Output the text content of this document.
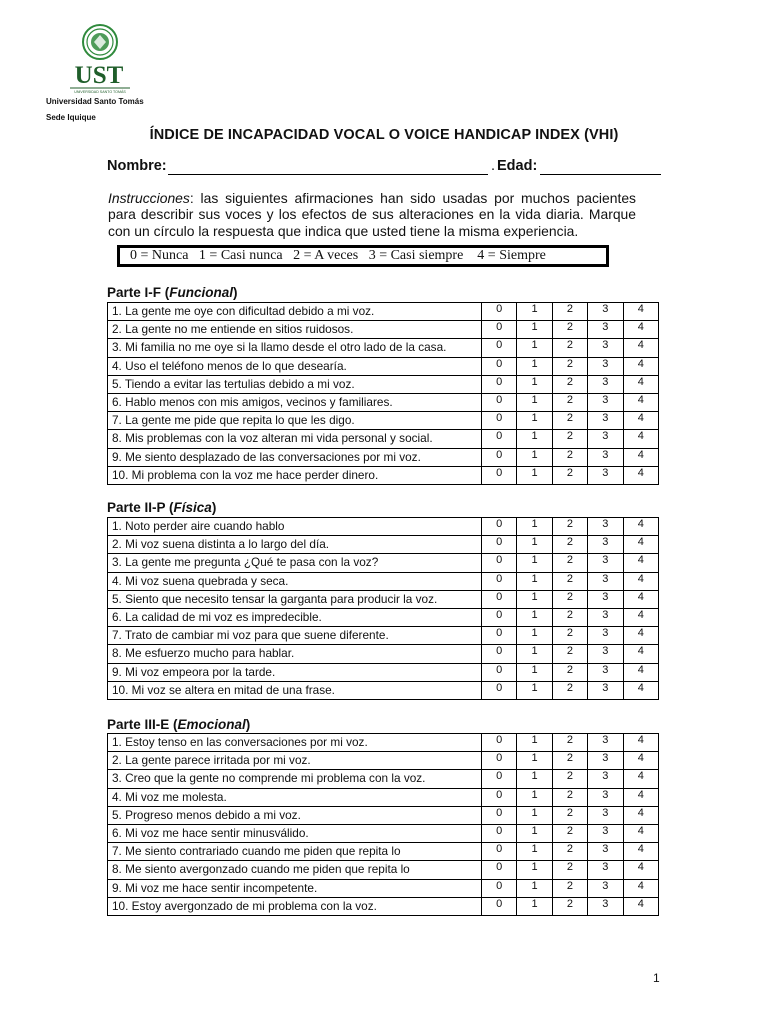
UST
UNIVERSIDAD SANTO TOMÁS
Universidad Santo Tomás
Sede Iquique
ÍNDICE DE INCAPACIDAD VOCAL O VOICE HANDICAP INDEX (VHI)
Nombre:	. Edad:
Instrucciones: las siguientes afirmaciones han sido usadas por muchos pacientes para describir sus voces y los efectos de sus alteraciones en la vida diaria. Marque con un círculo la respuesta que indica que usted tiene la misma experiencia.
0 = Nunca   1 = Casi nunca   2 = A veces   3 = Casi siempre    4 = Siempre
Parte I-F (Funcional)
1. La gente me oye con dificultad debido a mi voz.	0	1	2	3	4
2. La gente no me entiende en sitios ruidosos.	0	1	2	3	4
3. Mi familia no me oye si la llamo desde el otro lado de la casa.	0	1	2	3	4
4. Uso el teléfono menos de lo que desearía.	0	1	2	3	4
5. Tiendo a evitar las tertulias debido a mi voz.	0	1	2	3	4
6. Hablo menos con mis amigos, vecinos y familiares.	0	1	2	3	4
7. La gente me pide que repita lo que les digo.	0	1	2	3	4
8. Mis problemas con la voz alteran mi vida personal y social.	0	1	2	3	4
9. Me siento desplazado de las conversaciones por mi voz.	0	1	2	3	4
10. Mi problema con la voz me hace perder dinero.	0	1	2	3	4
Parte II-P (Física)
1. Noto perder aire cuando hablo	0	1	2	3	4
2. Mi voz suena distinta a lo largo del día.	0	1	2	3	4
3. La gente me pregunta ¿Qué te pasa con la voz?	0	1	2	3	4
4. Mi voz suena quebrada y seca.	0	1	2	3	4
5. Siento que necesito tensar la garganta para producir la voz.	0	1	2	3	4
6. La calidad de mi voz es impredecible.	0	1	2	3	4
7. Trato de cambiar mi voz para que suene diferente.	0	1	2	3	4
8. Me esfuerzo mucho para hablar.	0	1	2	3	4
9. Mi voz empeora por la tarde.	0	1	2	3	4
10. Mi voz se altera en mitad de una frase.	0	1	2	3	4
Parte III-E (Emocional)
1. Estoy tenso en las conversaciones por mi voz.	0	1	2	3	4
2. La gente parece irritada por mi voz.	0	1	2	3	4
3. Creo que la gente no comprende mi problema con la voz.	0	1	2	3	4
4. Mi voz me molesta.	0	1	2	3	4
5. Progreso menos debido a mi voz.	0	1	2	3	4
6. Mi voz me hace sentir minusválido.	0	1	2	3	4
7. Me siento contrariado cuando me piden que repita lo	0	1	2	3	4
8. Me siento avergonzado cuando me piden que repita lo	0	1	2	3	4
9. Mi voz me hace sentir incompetente.	0	1	2	3	4
10. Estoy avergonzado de mi problema con la voz.	0	1	2	3	4
1
